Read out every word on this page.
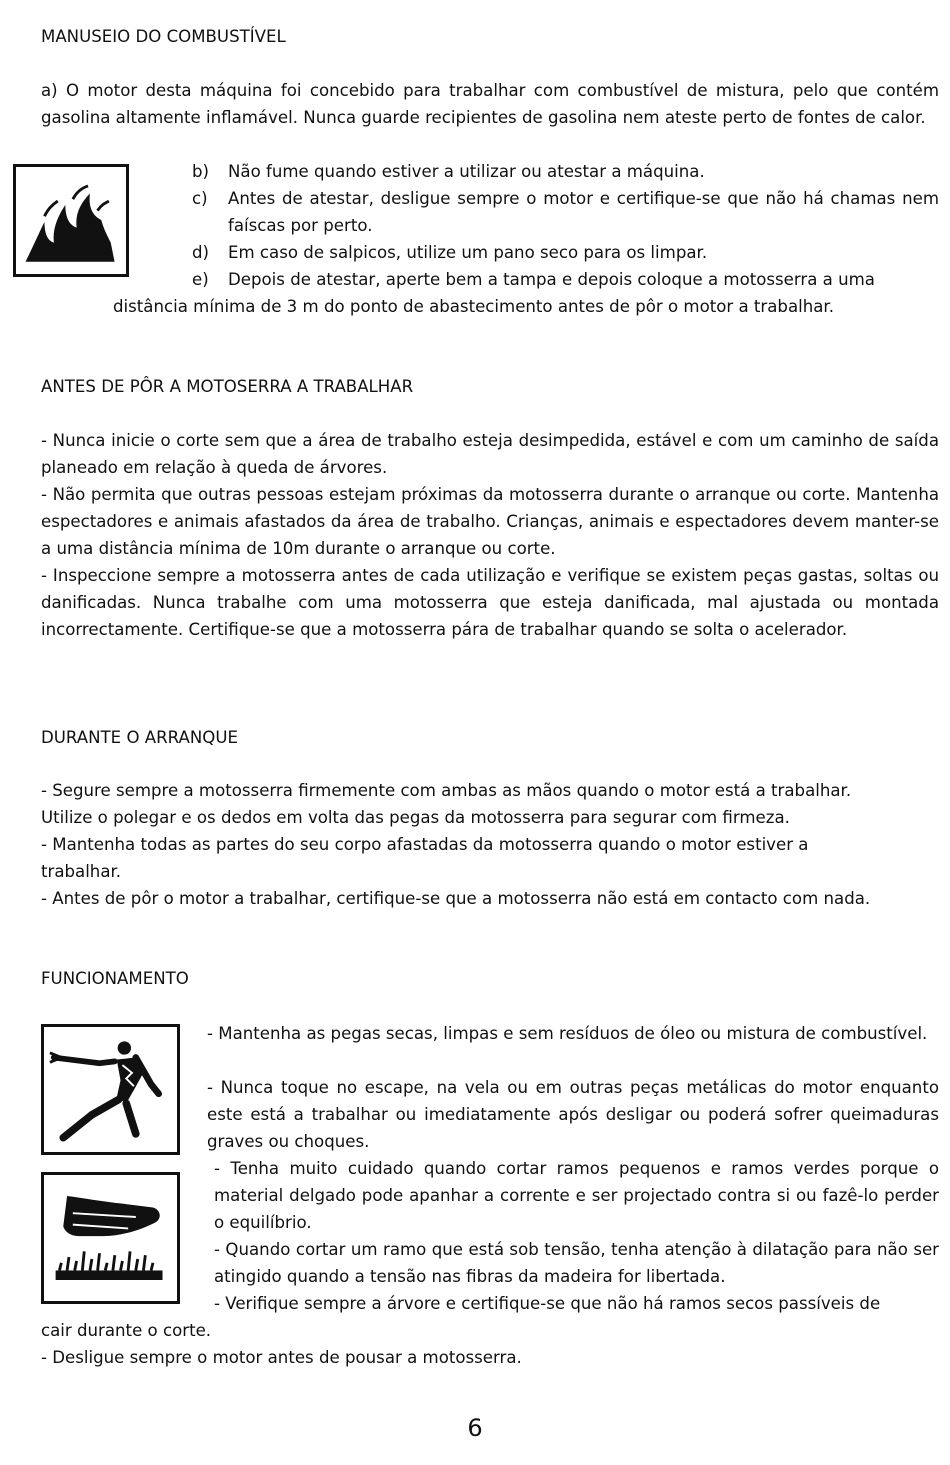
MANUSEIO DO COMBUSTÍVEL

a) O motor desta máquina foi concebido para trabalhar com combustível de mistura, pelo que contém gasolina altamente inflamável. Nunca guarde recipientes de gasolina nem ateste perto de fontes de calor.

b) Não fume quando estiver a utilizar ou atestar a máquina.
c) Antes de atestar, desligue sempre o motor e certifique-se que não há chamas nem faíscas por perto.
d) Em caso de salpicos, utilize um pano seco para os limpar.
e) Depois de atestar, aperte bem a tampa e depois coloque a motosserra a uma
distância mínima de 3 m do ponto de abastecimento antes de pôr o motor a trabalhar.
ANTES DE PÔR A MOTOSERRA A TRABALHAR

- Nunca inicie o corte sem que a área de trabalho esteja desimpedida, estável e com um caminho de saída planeado em relação à queda de árvores.

- Não permita que outras pessoas estejam próximas da motosserra durante o arranque ou corte. Mantenha espectadores e animais afastados da área de trabalho. Crianças, animais e espectadores devem manter-se a uma distância mínima de 10m durante o arranque ou corte.

- Inspeccione sempre a motosserra antes de cada utilização e verifique se existem peças gastas, soltas ou danificadas. Nunca trabalhe com uma motosserra que esteja danificada, mal ajustada ou montada incorrectamente. Certifique-se que a motosserra pára de trabalhar quando se solta o acelerador.

DURANTE O ARRANQUE
- Segure sempre a motosserra firmemente com ambas as mãos quando o motor está a trabalhar.
Utilize o polegar e os dedos em volta das pegas da motosserra para segurar com firmeza.
- Mantenha todas as partes do seu corpo afastadas da motosserra quando o motor estiver a
trabalhar.
- Antes de pôr o motor a trabalhar, certifique-se que a motosserra não está em contacto com nada.
FUNCIONAMENTO

- Mantenha as pegas secas, limpas e sem resíduos de óleo ou mistura de combustível.

- Nunca toque no escape, na vela ou em outras peças metálicas do motor enquanto este está a trabalhar ou imediatamente após desligar ou poderá sofrer queimaduras graves ou choques.

- Tenha muito cuidado quando cortar ramos pequenos e ramos verdes porque o material delgado pode apanhar a corrente e ser projectado contra si ou fazê-lo perder o equilíbrio.

- Quando cortar um ramo que está sob tensão, tenha atenção à dilatação para não ser atingido quando a tensão nas fibras da madeira for libertada.

- Verifique sempre a árvore e certifique-se que não há ramos secos passíveis de
cair durante o corte.
- Desligue sempre o motor antes de pousar a motosserra.
6
